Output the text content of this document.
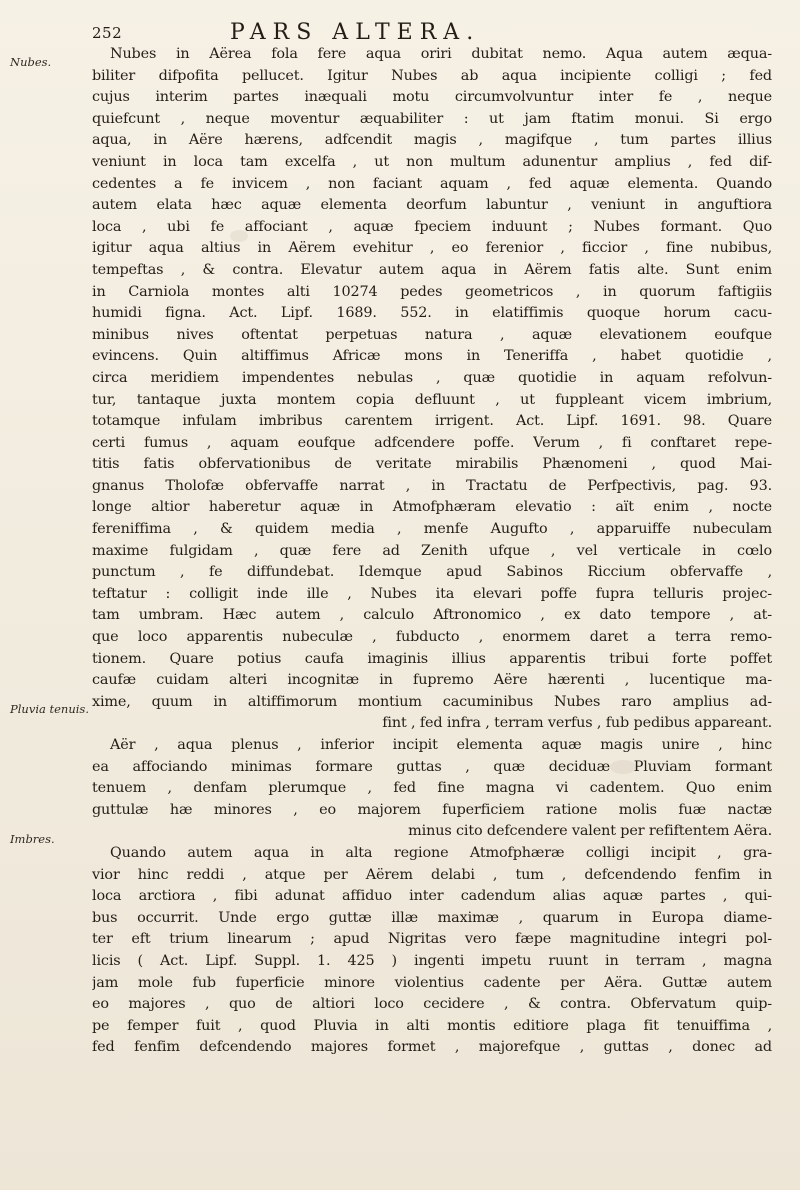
252	PARS ALTERA.
Nubes.
Pluvia tenuis.
Imbres.
Nubes in Aërea fola fere aqua oriri dubitat nemo. Aqua autem æqua-
biliter difpofita pellucet. Igitur Nubes ab aqua incipiente colligi ; fed
cujus interim partes inæquali motu circumvolvuntur inter fe , neque
quiefcunt , neque moventur æquabiliter : ut jam ftatim monui. Si ergo
aqua, in Aëre hærens, adfcendit magis , magifque , tum partes illius
veniunt in loca tam excelfa , ut non multum adunentur amplius , fed dif-
cedentes a fe invicem , non faciant aquam , fed aquæ elementa. Quando
autem elata hæc aquæ elementa deorfum labuntur , veniunt in anguftiora
loca , ubi fe affociant , aquæ fpeciem induunt ; Nubes formant. Quo
igitur aqua altius in Aërem evehitur , eo ferenior , ficcior , fine nubibus,
tempeftas , & contra. Elevatur autem aqua in Aërem fatis alte. Sunt enim
in Carniola montes alti 10274 pedes geometricos , in quorum faftigiis
humidi figna. Act. Lipf. 1689. 552. in elatiffimis quoque horum cacu-
minibus nives oftentat perpetuas natura , aquæ elevationem eoufque
evincens. Quin altiffimus Africæ mons in Teneriffa , habet quotidie ,
circa meridiem impendentes nebulas , quæ quotidie in aquam refolvun-
tur, tantaque juxta montem copia defluunt , ut fuppleant vicem imbrium,
totamque infulam imbribus carentem irrigent. Act. Lipf. 1691. 98. Quare
certi fumus , aquam eoufque adfcendere poffe. Verum , fi conftaret repe-
titis fatis obfervationibus de veritate mirabilis Phænomeni , quod Mai-
gnanus Tholofæ obfervaffe narrat , in Tractatu de Perfpectivis, pag. 93.
longe altior haberetur aquæ in Atmofphæram elevatio : aït enim , nocte
fereniffima , & quidem media , menfe Augufto , apparuiffe nubeculam
maxime fulgidam , quæ fere ad Zenith ufque , vel verticale in cœlo
punctum , fe diffundebat. Idemque apud Sabinos Riccium obfervaffe ,
teftatur : colligit inde ille , Nubes ita elevari poffe fupra telluris projec-
tam umbram. Hæc autem , calculo Aftronomico , ex dato tempore , at-
que loco apparentis nubeculæ , fubducto , enormem daret a terra remo-
tionem. Quare potius caufa imaginis illius apparentis tribui forte poffet
caufæ cuidam alteri incognitæ in fupremo Aëre hærenti , lucentique ma-
xime, quum in altiffimorum montium cacuminibus Nubes raro amplius ad-
fint , fed infra , terram verfus , fub pedibus appareant.
Aër , aqua plenus , inferior incipit elementa aquæ magis unire , hinc
ea affociando minimas formare guttas , quæ deciduæ Pluviam formant
tenuem , denfam plerumque , fed fine magna vi cadentem. Quo enim
guttulæ hæ minores , eo majorem fuperficiem ratione molis fuæ nactæ
minus cito defcendere valent per refiftentem Aëra.
Quando autem aqua in alta regione Atmofphæræ colligi incipit , gra-
vior hinc reddi , atque per Aërem delabi , tum , defcendendo fenfim in
loca arctiora , fibi adunat affiduo inter cadendum alias aquæ partes , qui-
bus occurrit. Unde ergo guttæ illæ maximæ , quarum in Europa diame-
ter eft trium linearum ; apud Nigritas vero fæpe magnitudine integri pol-
licis ( Act. Lipf. Suppl. 1. 425 ) ingenti impetu ruunt in terram , magna
jam mole fub fuperficie minore violentius cadente per Aëra. Guttæ autem
eo majores , quo de altiori loco cecidere , & contra. Obfervatum quip-
pe femper fuit , quod Pluvia in alti montis editiore plaga fit tenuiffima ,
fed fenfim defcendendo majores formet , majorefque , guttas , donec ad
